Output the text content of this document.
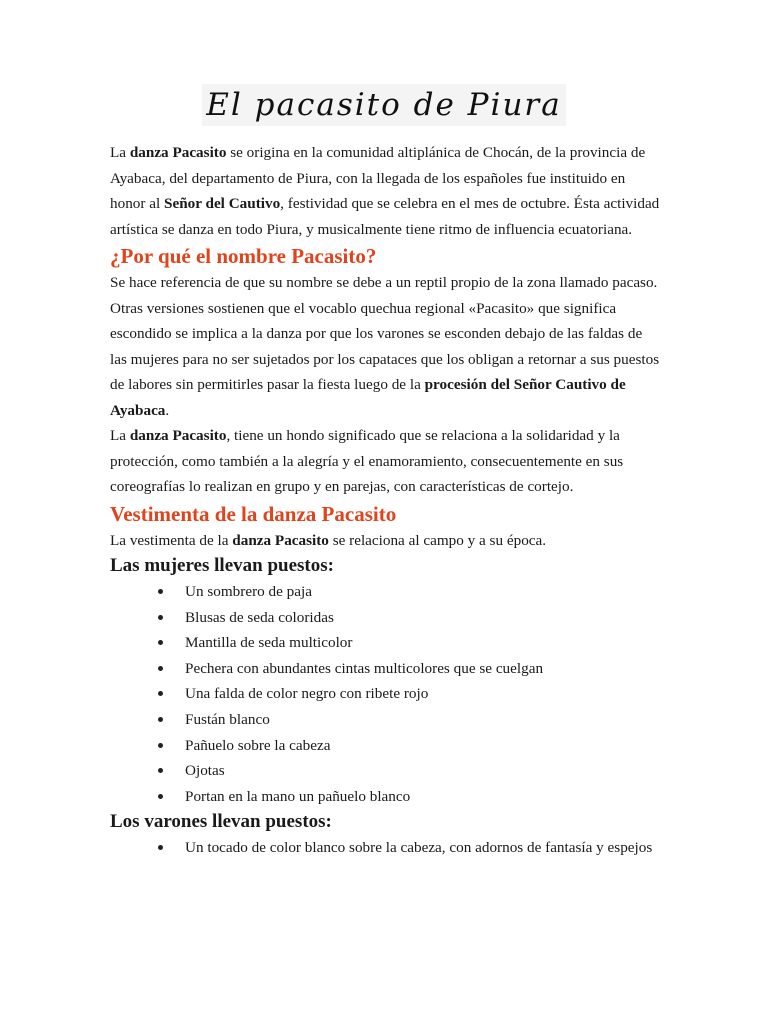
El pacasito de Piura

La danza Pacasito se origina en la comunidad altiplánica de Chocán, de la provincia de Ayabaca, del departamento de Piura, con la llegada de los españoles fue instituido en honor al Señor del Cautivo, festividad que se celebra en el mes de octubre. Ésta actividad artística se danza en todo Piura, y musicalmente tiene ritmo de influencia ecuatoriana.

¿Por qué el nombre Pacasito?

Se hace referencia de que su nombre se debe a un reptil propio de la zona llamado pacaso. Otras versiones sostienen que el vocablo quechua regional «Pacasito» que significa escondido se implica a la danza por que los varones se esconden debajo de las faldas de las mujeres para no ser sujetados por los capataces que los obligan a retornar a sus puestos de labores sin permitirles pasar la fiesta luego de la procesión del Señor Cautivo de Ayabaca.

La danza Pacasito, tiene un hondo significado que se relaciona a la solidaridad y la protección, como también a la alegría y el enamoramiento, consecuentemente en sus coreografías lo realizan en grupo y en parejas, con características de cortejo.

Vestimenta de la danza Pacasito

La vestimenta de la danza Pacasito se relaciona al campo y a su época.

Las mujeres llevan puestos:
Un sombrero de paja
Blusas de seda coloridas
Mantilla de seda multicolor
Pechera con abundantes cintas multicolores que se cuelgan
Una falda de color negro con ribete rojo
Fustán blanco
Pañuelo sobre la cabeza
Ojotas
Portan en la mano un pañuelo blanco
Los varones llevan puestos:
Un tocado de color blanco sobre la cabeza, con adornos de fantasía y espejos
